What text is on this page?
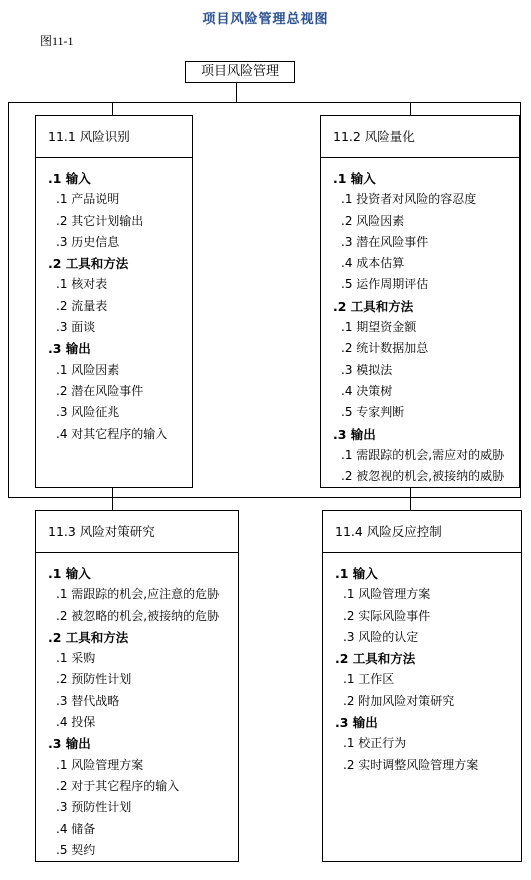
项目风险管理总视图
图11-1
项目风险管理
11.1 风险识别
.1 输入
.1 产品说明
.2 其它计划输出
.3 历史信息
.2 工具和方法
.1 核对表
.2 流量表
.3 面谈
.3 输出
.1 风险因素
.2 潜在风险事件
.3 风险征兆
.4 对其它程序的输入
11.2 风险量化
.1 输入
.1 投资者对风险的容忍度
.2 风险因素
.3 潜在风险事件
.4 成本估算
.5 运作周期评估
.2 工具和方法
.1 期望资金额
.2 统计数据加总
.3 模拟法
.4 决策树
.5 专家判断
.3 输出
.1 需跟踪的机会,需应对的威胁
.2 被忽视的机会,被接纳的威胁
11.3 风险对策研究
.1 输入
.1 需跟踪的机会,应注意的危胁
.2 被忽略的机会,被接纳的危胁
.2 工具和方法
.1 采购
.2 预防性计划
.3 替代战略
.4 投保
.3 输出
.1 风险管理方案
.2 对于其它程序的输入
.3 预防性计划
.4 储备
.5 契约
11.4 风险反应控制
.1 输入
.1 风险管理方案
.2 实际风险事件
.3 风险的认定
.2 工具和方法
.1 工作区
.2 附加风险对策研究
.3 输出
.1 校正行为
.2 实时调整风险管理方案
